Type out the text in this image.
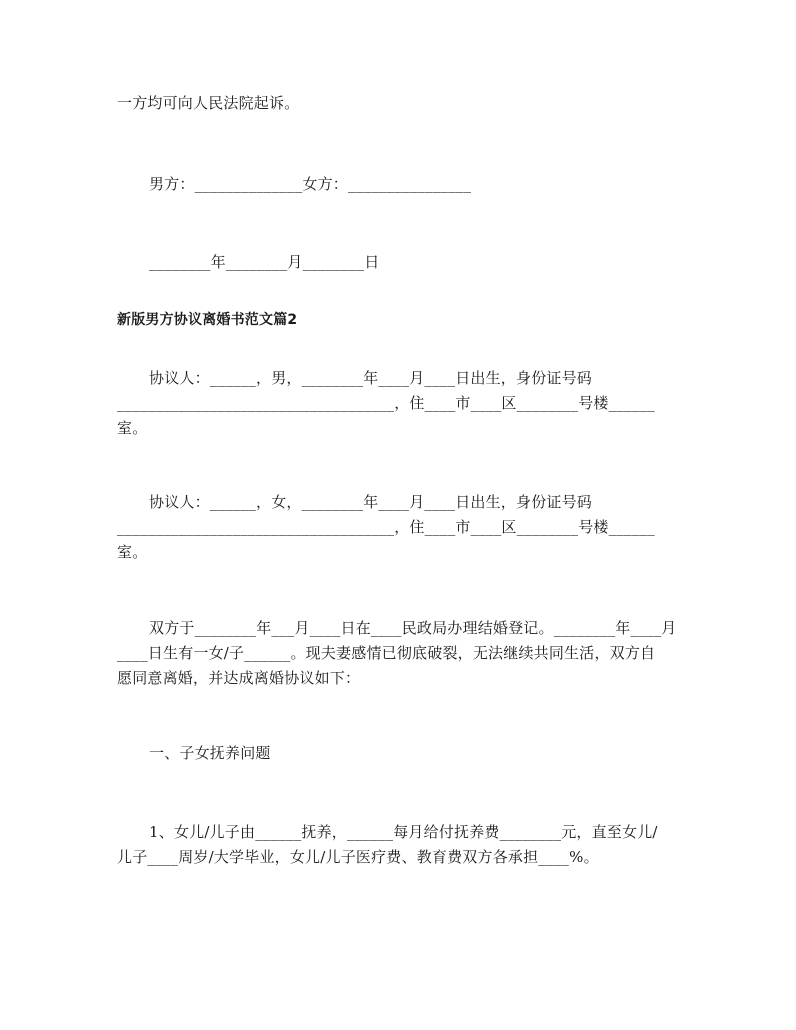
一方均可向人民法院起诉。
男方：______________女方：________________
________年________月________日
新版男方协议离婚书范文篇2
协议人：______，男，________年____月____日出生，身份证号码
____________________________________，住____市____区________号楼______
室。
协议人：______，女，________年____月____日出生，身份证号码
____________________________________，住____市____区________号楼______
室。
双方于________年___月____日在____民政局办理结婚登记。________年____月
____日生有一女/子______。现夫妻感情已彻底破裂，无法继续共同生活，双方自
愿同意离婚，并达成离婚协议如下：
一、子女抚养问题
1、女儿/儿子由______抚养，______每月给付抚养费________元，直至女儿/
儿子____周岁/大学毕业，女儿/儿子医疗费、教育费双方各承担____%。
